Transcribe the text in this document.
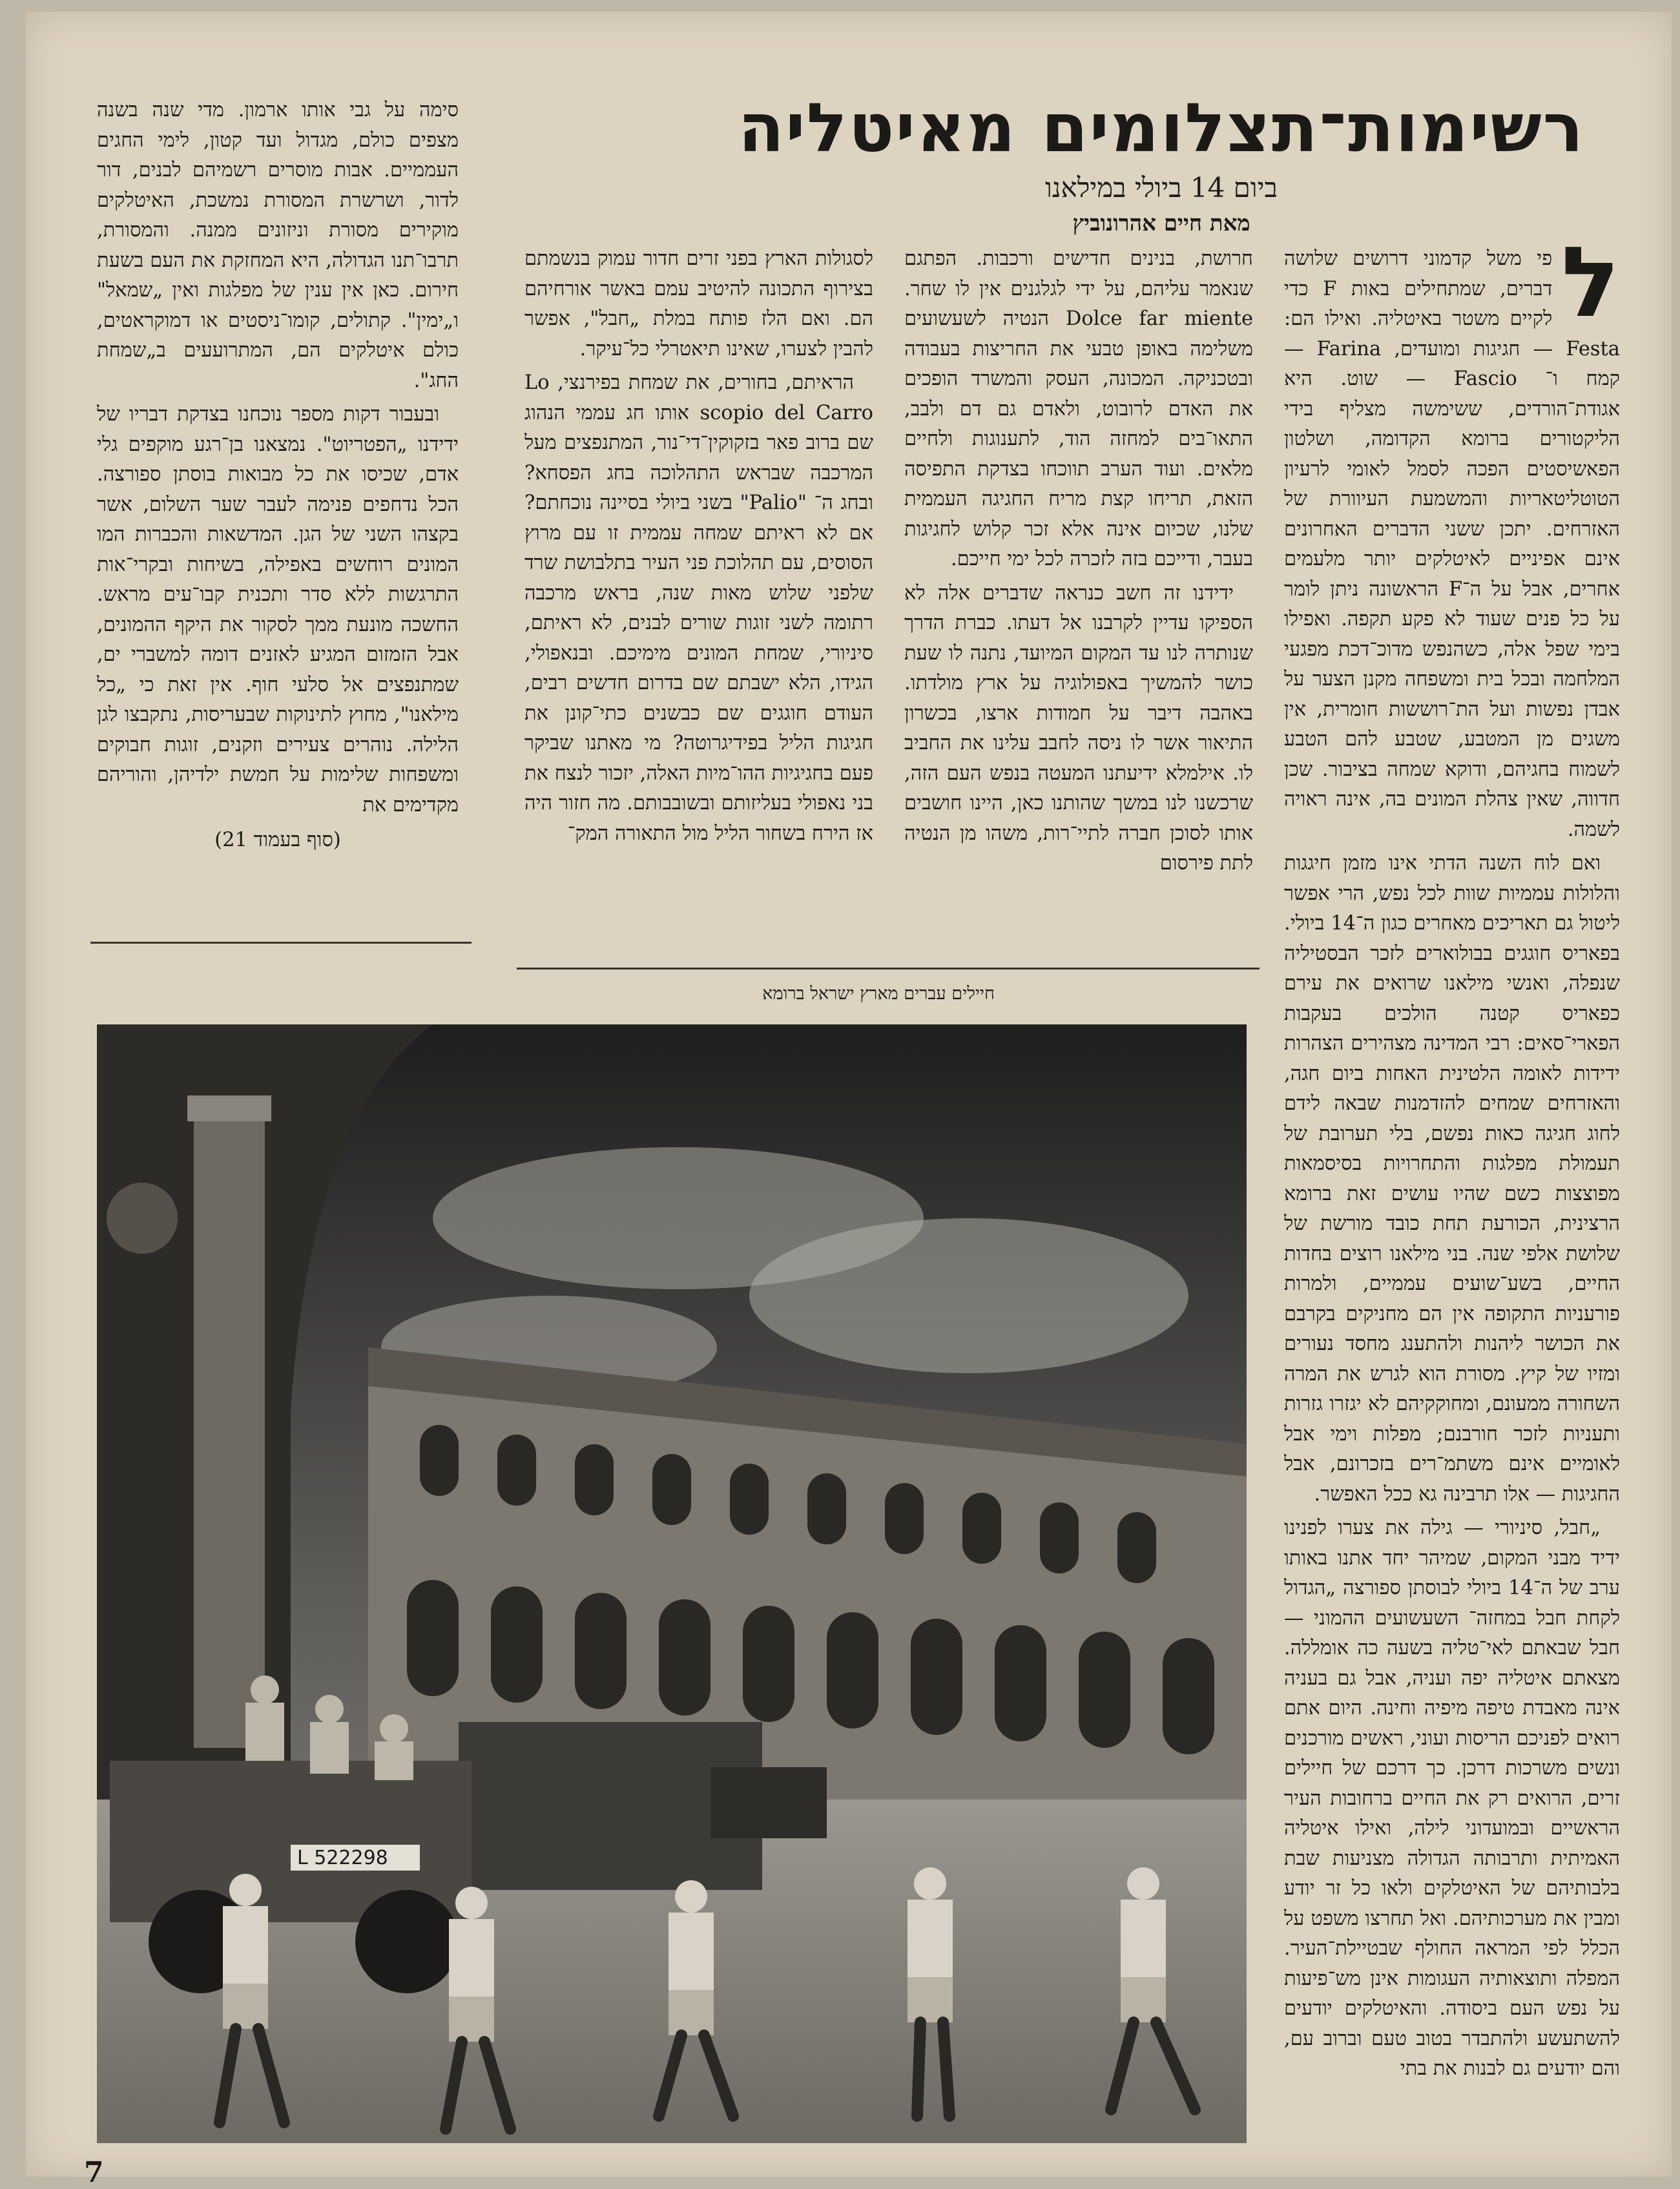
רשימות־תצלומים מאיטליה
ביום 14 ביולי במילאנו
מאת חיים אהרונוביץ

ל
פי משל קדמוני דרושים שלושה דברים, שמתחילים באות F כדי לקיים משטר באיטליה. ואילו הם: Festa — חגיגות ומועדים, Farina — קמח ו־ Fascio — שוט. היא אגודת־הורדים, ששימשה מצליף בידי הליקטורים ברומא הקדומה, ושלטון הפאשיסטים הפכה לסמל לאומי לרעיון הטוטליטאריות והמשמעת העיוורת של האזרחים. יתכן ששני הדברים האחרונים אינם אפיניים לאיטלקים יותר מלעמים אחרים, אבל על ה־F הראשונה ניתן לומר על כל פנים שעוד לא פקע תקפה. ואפילו בימי שפל אלה, כשהנפש מדוכ־דכת מפגעי המלחמה ובכל בית ומשפחה מקנן הצער על אבדן נפשות ועל הת־רוששות חומרית, אין משגים מן המטבע, שטבע להם הטבע לשמוח בחגיהם, ודוקא שמחה בציבור. שכן חדווה, שאין צהלת המונים בה, אינה ראויה לשמה.

ואם לוח השנה הדתי אינו מזמן חיגגות והלולות עממיות שוות לכל נפש, הרי אפשר ליטול גם תאריכים מאחרים כגון ה־14 ביולי. בפאריס חוגגים בבולוארים לזכר הבסטיליה שנפלה, ואנשי מילאנו שרואים את עירם כפאריס קטנה הולכים בעקבות הפארי־סאים: רבי המדינה מצהירים הצהרות ידידות לאומה הלטינית האחות ביום חגה, והאזרחים שמחים להזדמנות שבאה לידם לחוג חגיגה כאות נפשם, בלי תערובת של תעמולת מפלגות והתחרויות בסיסמאות מפוצצות כשם שהיו עושים זאת ברומא הרצינית, הכורעת תחת כובד מורשת של שלושת אלפי שנה. בני מילאנו רוצים בחדות החיים, בשע־שועים עממיים, ולמרות פורעניות התקופה אין הם מחניקים בקרבם את הכושר ליהנות ולהתענג מחסד נעורים ומזיו של קיץ. מסורת הוא לגרש את המרה השחורה ממעונם, ומחוקקיהם לא יגזרו גזרות ותעניות לזכר חורבנם; מפלות וימי אבל לאומיים אינם משתמ־רים בזכרונם, אבל החגיגות — אלו תרבינה גא ככל האפשר.

„חבל, סיניורי — גילה את צערו לפנינו ידיד מבני המקום, שמיהר יחד אתנו באותו ערב של ה־14 ביולי לבוסתן ספורצה „הגדול לקחת חבל במחזה־ השעשועים ההמוני — חבל שבאתם לאי־טליה בשעה כה אומללה. מצאתם איטליה יפה ועניה, אבל גם בעניה אינה מאבדת טיפה מיפיה וחינה. היום אתם רואים לפניכם הריסות ועוני, ראשים מורכנים ונשים משרכות דרכן. כך דרכם של חיילים זרים, הרואים רק את החיים ברחובות העיר הראשיים ובמועדוני לילה, ואילו איטליה האמיתית ותרבותה הגדולה מצניעות שבת בלבותיהם של האיטלקים ולאו כל זר יודע ומבין את מערכותיהם. ואל תחרצו משפט על הכלל לפי המראה החולף שבטיילת־העיר. המפלה ותוצאותיה העגומות אינן מש־פיעות על נפש העם ביסודה. והאיטלקים יודעים להשתעשע ולהתבדר בטוב טעם וברוב עם, והם יודעים גם לבנות את בתי

חרושת, בנינים חדישים ורכבות. הפתגם שנאמר עליהם, על ידי לגלגנים אין לו שחר. Dolce far miente הנטיה לשעשועים משלימה באופן טבעי את החריצות בעבודה ובטכניקה. המכונה, העסק והמשרד הופכים את האדם לרובוט, ולאדם גם דם ולבב, התאו־בים למחזה הוד, לתענוגות ולחיים מלאים. ועוד הערב תווכחו בצדקת התפיסה הזאת, תריחו קצת מריח החגיגה העממית שלנו, שכיום אינה אלא זכר קלוש לחגיגות בעבר, ודייכם בזה לזכרה לכל ימי חייכם.

ידידנו זה חשב כנראה שדברים אלה לא הספיקו עדיין לקרבנו אל דעתו. כברת הדרך שנותרה לנו עד המקום המיועד, נתנה לו שעת כושר להמשיך באפולוגיה על ארץ מולדתו. באהבה דיבר על חמודות ארצו, בכשרון התיאור אשר לו ניסה לחבב עלינו את החביב לו. אילמלא ידיעתנו המעטה בנפש העם הזה, שרכשנו לנו במשך שהותנו כאן, היינו חושבים אותו לסוכן חברה לתיי־רות, משהו מן הנטיה לתת פירסום

לסגולות הארץ בפני זרים חדור עמוק בנשמתם בצירוף התכונה להיטיב עמם באשר אורחיהם הם. ואם הלז פותח במלת „חבל", אפשר להבין לצערו, שאינו תיאטרלי כל־עיקר.

הראיתם, בחורים, את שמחת בפירנצי, Lo scopio del Carro אותו חג עממי הנהוג שם ברוב פאר בזקוקין־די־נור, המתנפצים מעל המרכבה שבראש התהלוכה בחג הפסחא? ובחג ה־ "Palio" בשני ביולי בסיינה נוכחתם? אם לא ראיתם שמחה עממית זו עם מרוץ הסוסים, עם תהלוכת פני העיר בתלבושת שרד שלפני שלוש מאות שנה, בראש מרכבה רתומה לשני זוגות שורים לבנים, לא ראיתם, סיניורי, שמחת המונים מימיכם. ובנאפולי, הגידו, הלא ישבתם שם בדרום חדשים רבים, העודם חוגגים שם כבשנים כתי־קונן את חגיגות הליל בפידיגרוטה? מי מאתנו שביקר פעם בחגיגיות ההו־מיות האלה, יזכור לנצח את בני נאפולי בעליזותם ובשובבותם. מה חזור היה אז הירח בשחור הליל מול התאורה המק־

סימה על גבי אותו ארמון. מדי שנה בשנה מצפים כולם, מגדול ועד קטון, לימי החגים העממיים. אבות מוסרים רשמיהם לבנים, דור לדור, ושרשרת המסורת נמשכת, האיטלקים מוקירים מסורת וניזונים ממנה. והמסורת, תרבו־תנו הגדולה, היא המחזקת את העם בשעת חירום. כאן אין ענין של מפלגות ואין „שמאל" ו„ימין". קתולים, קומו־ניסטים או דמוקראטים, כולם איטלקים הם, המתרועעים ב„שמחת החג".

ובעבור דקות מספר נוכחנו בצדקת דבריו של ידידנו „הפטריוט". נמצאנו בן־רגע מוקפים גלי אדם, שכיסו את כל מבואות בוסתן ספורצה. הכל נדחפים פנימה לעבר שער השלום, אשר בקצהו השני של הגן. המדשאות והכברות המו המונים רוחשים באפילה, בשיחות ובקרי־אות התרגשות ללא סדר ותכנית קבו־עים מראש. החשכה מונעת ממך לסקור את היקף ההמונים, אבל הזמזום המגיע לאזנים דומה למשברי ים, שמתנפצים אל סלעי חוף. אין זאת כי „כל מילאנו", מחוץ לתינוקות שבעריסות, נתקבצו לגן הלילה. נוהרים צעירים וזקנים, זוגות חבוקים ומשפחות שלימות על חמשת ילדיהן, והוריהם מקדימים את

(סוף בעמוד 21)

חיילים עברים מארץ ישראל ברומא
L 522298
7
